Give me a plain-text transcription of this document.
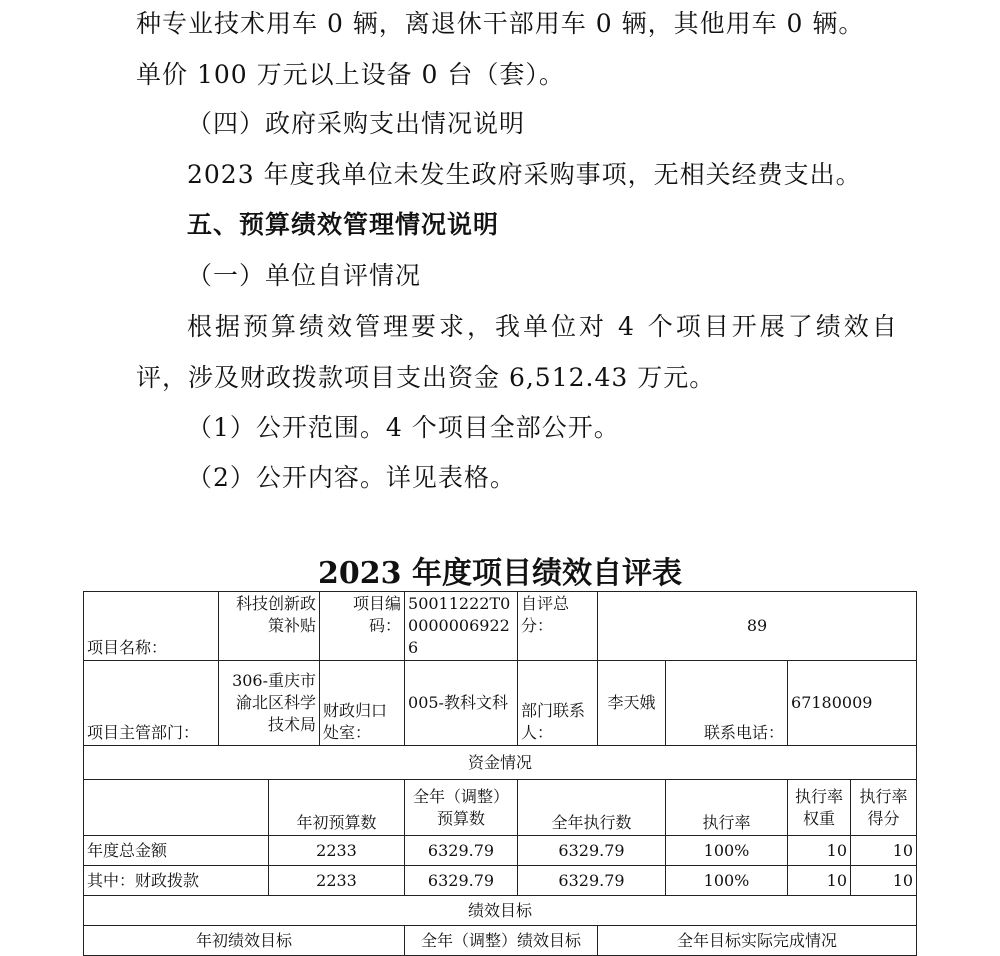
种专业技术用车 0 辆，离退休干部用车 0 辆，其他用车 0 辆。
单价 100 万元以上设备 0 台（套）。
（四）政府采购支出情况说明
2023 年度我单位未发生政府采购事项，无相关经费支出。
五、预算绩效管理情况说明
（一）单位自评情况
根据预算绩效管理要求，我单位对 4 个项目开展了绩效自
评，涉及财政拨款项目支出资金 6,512.43 万元。
（1）公开范围。4 个项目全部公开。
（2）公开内容。详见表格。
2023 年度项目绩效自评表
项目名称：	科技创新政策补贴		项目编码：	50011222T000000069226	自评总分：	89			
项目主管部门：	306-重庆市渝北区科学技术局		财政归口处室：	005-教科文科	部门联系人：	李天娥	联系电话：	67180009	
资金情况									
		年初预算数		全年（调整）预算数	全年执行数		执行率	执行率权重	执行率得分
年度总金额		2233		6329.79	6329.79		100%	10	10
其中：财政拨款		2233		6329.79	6329.79		100%	10	10
绩效目标									
年初绩效目标				全年（调整）绩效目标		全年目标实际完成情况			
